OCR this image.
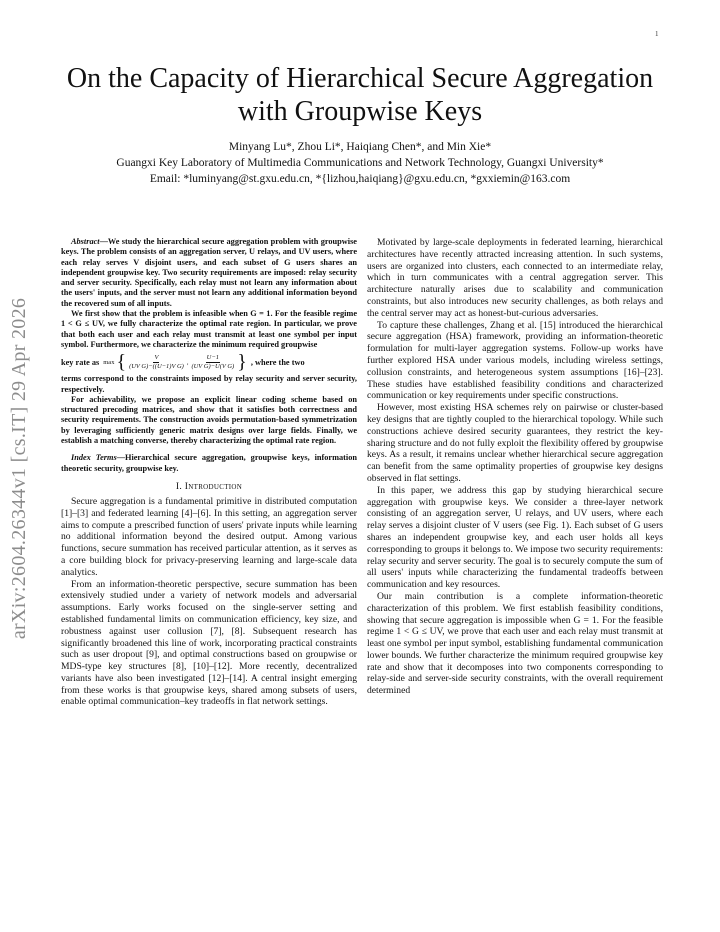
1
arXiv:2604.26344v1 [cs.IT] 29 Apr 2026
On the Capacity of Hierarchical Secure Aggregation with Groupwise Keys
Minyang Lu*, Zhou Li*, Haiqiang Chen*, and Min Xie*
Guangxi Key Laboratory of Multimedia Communications and Network Technology, Guangxi University*
Email: *luminyang@st.gxu.edu.cn, *{lizhou,haiqiang}@gxu.edu.cn, *gxxiemin@163.com

Abstract—We study the hierarchical secure aggregation problem with groupwise keys. The problem consists of an aggregation server, U relays, and UV users, where each relay serves V disjoint users, and each subset of G users shares an independent groupwise key. Two security requirements are imposed: relay security and server security. Specifically, each relay must not learn any information about the users' inputs, and the server must not learn any additional information beyond the recovered sum of all inputs.

We first show that the problem is infeasible when G = 1. For the feasible regime 1 < G ≤ UV, we fully characterize the optimal rate region. In particular, we prove that both each user and each relay must transmit at least one symbol per input symbol. Furthermore, we characterize the minimum required groupwise

key rate as max { $\frac{V}{\text{(UV G)−((U−1)V G)}}$ , $\frac{U-1}{\text{(UV G)−U(V G)}}$ } , where the two

terms correspond to the constraints imposed by relay security and server security, respectively.

For achievability, we propose an explicit linear coding scheme based on structured precoding matrices, and show that it satisfies both correctness and security requirements. The construction avoids permutation-based symmetrization by leveraging sufficiently generic matrix designs over large fields. Finally, we establish a matching converse, thereby characterizing the optimal rate region.

Index Terms—Hierarchical secure aggregation, groupwise keys, information theoretic security, groupwise key.
I. Introduction

Secure aggregation is a fundamental primitive in distributed computation [1]–[3] and federated learning [4]–[6]. In this setting, an aggregation server aims to compute a prescribed function of users' private inputs while learning no additional information beyond the desired output. Among various functions, secure summation has received particular attention, as it serves as a core building block for privacy-preserving learning and large-scale data analytics.

From an information-theoretic perspective, secure summation has been extensively studied under a variety of network models and adversarial assumptions. Early works focused on the single-server setting and established fundamental limits on communication efficiency, key size, and robustness against user collusion [7], [8]. Subsequent research has significantly broadened this line of work, incorporating practical constraints such as user dropout [9], and optimal constructions based on groupwise or MDS-type key structures [8], [10]–[12]. More recently, decentralized variants have also been investigated [12]–[14]. A central insight emerging from these works is that groupwise keys, shared among subsets of users, enable optimal communication–key tradeoffs in flat network settings.

Motivated by large-scale deployments in federated learning, hierarchical architectures have recently attracted increasing attention. In such systems, users are organized into clusters, each connected to an intermediate relay, which in turn communicates with a central aggregation server. This architecture naturally arises due to scalability and communication constraints, but also introduces new security challenges, as both relays and the central server may act as honest-but-curious adversaries.

To capture these challenges, Zhang et al. [15] introduced the hierarchical secure aggregation (HSA) framework, providing an information-theoretic formulation for multi-layer aggregation systems. Follow-up works have further explored HSA under various models, including wireless settings, collusion constraints, and heterogeneous system assumptions [16]–[23]. These studies have established feasibility conditions and characterized communication or key requirements under specific constructions.

However, most existing HSA schemes rely on pairwise or cluster-based key designs that are tightly coupled to the hierarchical topology. While such constructions achieve desired security guarantees, they restrict the key-sharing structure and do not fully exploit the flexibility offered by groupwise keys. As a result, it remains unclear whether hierarchical secure aggregation can benefit from the same optimality properties of groupwise key designs observed in flat settings.

In this paper, we address this gap by studying hierarchical secure aggregation with groupwise keys. We consider a three-layer network consisting of an aggregation server, U relays, and UV users, where each relay serves a disjoint cluster of V users (see Fig. 1). Each subset of G users shares an independent groupwise key, and each user holds all keys corresponding to groups it belongs to. We impose two security requirements: relay security and server security. The goal is to securely compute the sum of all users' inputs while characterizing the fundamental tradeoffs between communication and key resources.

Our main contribution is a complete information-theoretic characterization of this problem. We first establish feasibility conditions, showing that secure aggregation is impossible when G = 1. For the feasible regime 1 < G ≤ UV, we prove that each user and each relay must transmit at least one symbol per input symbol, establishing fundamental communication lower bounds. We further characterize the minimum required groupwise key rate and show that it decomposes into two components corresponding to relay-side and server-side security constraints, with the overall requirement determined
